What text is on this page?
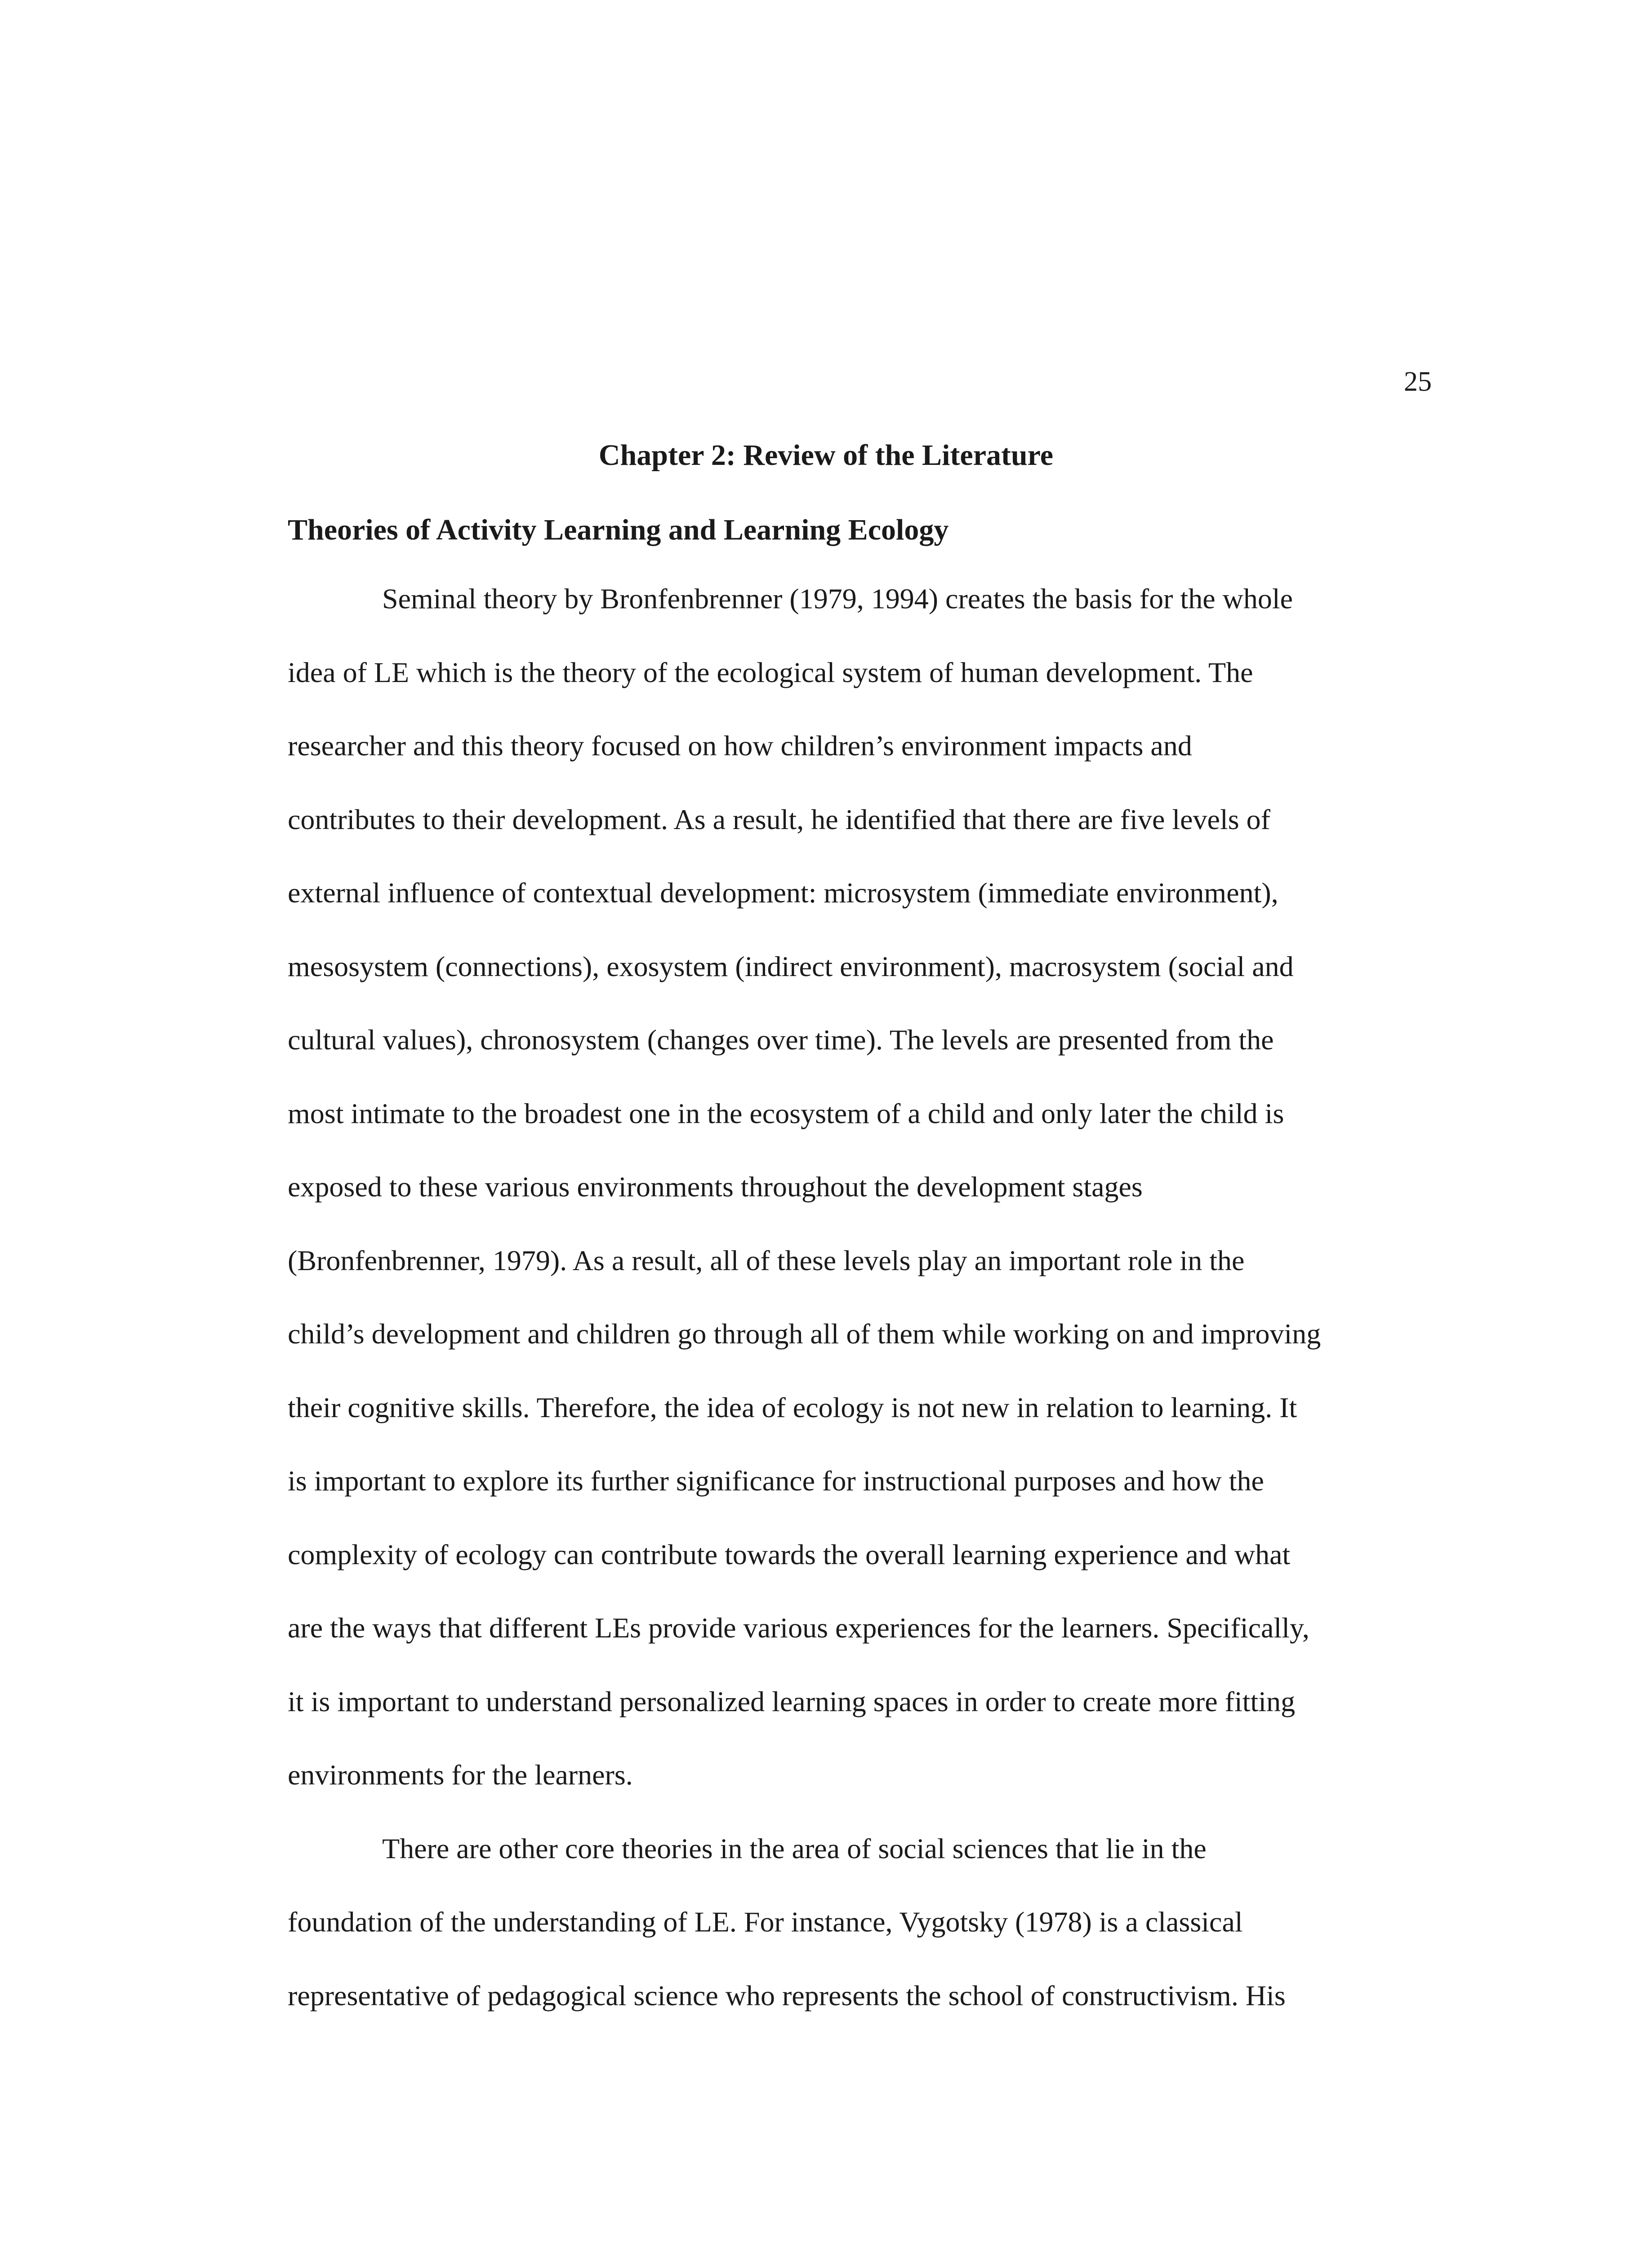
25
Chapter 2: Review of the Literature
Theories of Activity Learning and Learning Ecology
Seminal theory by Bronfenbrenner (1979, 1994) creates the basis for the whole
idea of LE which is the theory of the ecological system of human development. The
researcher and this theory focused on how children’s environment impacts and
contributes to their development. As a result, he identified that there are five levels of
external influence of contextual development: microsystem (immediate environment),
mesosystem (connections), exosystem (indirect environment), macrosystem (social and
cultural values), chronosystem (changes over time). The levels are presented from the
most intimate to the broadest one in the ecosystem of a child and only later the child is
exposed to these various environments throughout the development stages
(Bronfenbrenner, 1979). As a result, all of these levels play an important role in the
child’s development and children go through all of them while working on and improving
their cognitive skills. Therefore, the idea of ecology is not new in relation to learning. It
is important to explore its further significance for instructional purposes and how the
complexity of ecology can contribute towards the overall learning experience and what
are the ways that different LEs provide various experiences for the learners. Specifically,
it is important to understand personalized learning spaces in order to create more fitting
environments for the learners.
There are other core theories in the area of social sciences that lie in the
foundation of the understanding of LE. For instance, Vygotsky (1978) is a classical
representative of pedagogical science who represents the school of constructivism. His
